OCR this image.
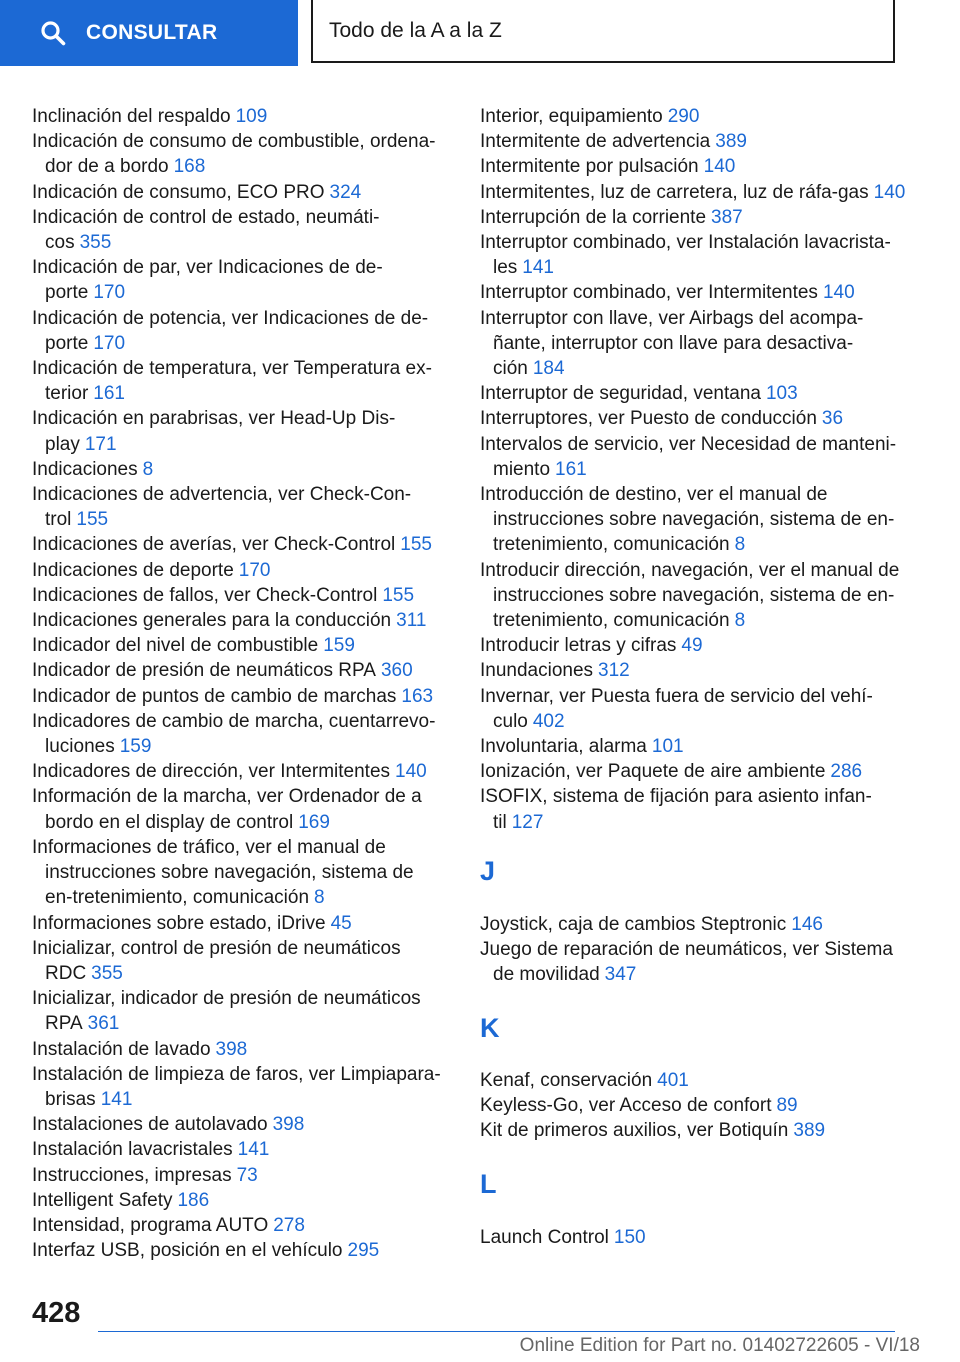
CONSULTAR	Todo de la A a la Z
Inclinación del respaldo 109
Indicación de consumo de combustible, ordena-dor de a bordo 168
Indicación de consumo, ECO PRO 324
Indicación de control de estado, neumáti-cos 355
Indicación de par, ver Indicaciones de de-porte 170
Indicación de potencia, ver Indicaciones de de-porte 170
Indicación de temperatura, ver Temperatura ex-terior 161
Indicación en parabrisas, ver Head-Up Dis-play 171
Indicaciones 8
Indicaciones de advertencia, ver Check-Con-trol 155
Indicaciones de averías, ver Check-Control 155
Indicaciones de deporte 170
Indicaciones de fallos, ver Check-Control 155
Indicaciones generales para la conducción 311
Indicador del nivel de combustible 159
Indicador de presión de neumáticos RPA 360
Indicador de puntos de cambio de marchas 163
Indicadores de cambio de marcha, cuentarrevo-luciones 159
Indicadores de dirección, ver Intermitentes 140
Información de la marcha, ver Ordenador de a bordo en el display de control 169
Informaciones de tráfico, ver el manual de instrucciones sobre navegación, sistema de en-tretenimiento, comunicación 8
Informaciones sobre estado, iDrive 45
Inicializar, control de presión de neumáticos RDC 355
Inicializar, indicador de presión de neumáticos RPA 361
Instalación de lavado 398
Instalación de limpieza de faros, ver Limpiapara-brisas 141
Instalaciones de autolavado 398
Instalación lavacristales 141
Instrucciones, impresas 73
Intelligent Safety 186
Intensidad, programa AUTO 278
Interfaz USB, posición en el vehículo 295
Interior, equipamiento 290
Intermitente de advertencia 389
Intermitente por pulsación 140
Intermitentes, luz de carretera, luz de ráfa-gas 140
Interrupción de la corriente 387
Interruptor combinado, ver Instalación lavacrista-les 141
Interruptor combinado, ver Intermitentes 140
Interruptor con llave, ver Airbags del acompa-ñante, interruptor con llave para desactiva-ción 184
Interruptor de seguridad, ventana 103
Interruptores, ver Puesto de conducción 36
Intervalos de servicio, ver Necesidad de manteni-miento 161
Introducción de destino, ver el manual de instrucciones sobre navegación, sistema de en-tretenimiento, comunicación 8
Introducir dirección, navegación, ver el manual de instrucciones sobre navegación, sistema de en-tretenimiento, comunicación 8
Introducir letras y cifras 49
Inundaciones 312
Invernar, ver Puesta fuera de servicio del vehí-culo 402
Involuntaria, alarma 101
Ionización, ver Paquete de aire ambiente 286
ISOFIX, sistema de fijación para asiento infan-til 127
J
Joystick, caja de cambios Steptronic 146
Juego de reparación de neumáticos, ver Sistema de movilidad 347
K
Kenaf, conservación 401
Keyless-Go, ver Acceso de confort 89
Kit de primeros auxilios, ver Botiquín 389
L
Launch Control 150
428
Online Edition for Part no. 01402722605 - VI/18
